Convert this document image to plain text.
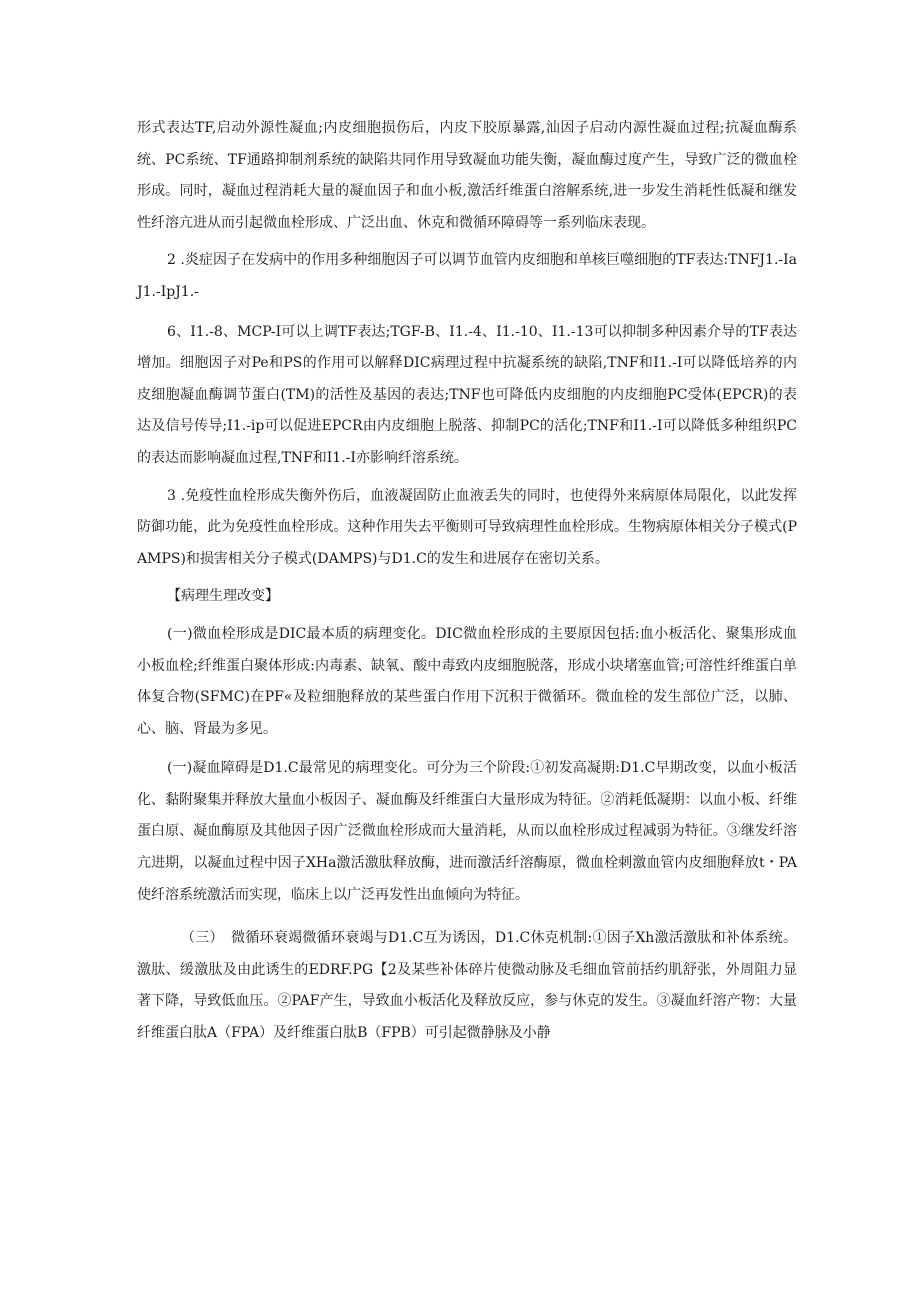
形式表达TF,启动外源性凝血;内皮细胞损伤后，内皮下胶原暴露,汕因子启动内源性凝血过程;抗凝血酶系统、PC系统、TF通路抑制剂系统的缺陷共同作用导致凝血功能失衡，凝血酶过度产生，导致广泛的微血栓形成。同时，凝血过程消耗大量的凝血因子和血小板,激活纤维蛋白溶解系统,进一步发生消耗性低凝和继发性纤溶亢进从而引起微血栓形成、广泛出血、休克和微循环障碍等一系列临床表现。

2 .炎症因子在发病中的作用多种细胞因子可以调节血管内皮细胞和单核巨噬细胞的TF表达:TNFJ1.-IaJ1.-IpJ1.-

6、I1.-8、MCP-I可以上调TF表达;TGF-B、I1.-4、I1.-10、I1.-13可以抑制多种因素介导的TF表达增加。细胞因子对Pe和PS的作用可以解释DIC病理过程中抗凝系统的缺陷,TNF和I1.-I可以降低培养的内皮细胞凝血酶调节蛋白(TM)的活性及基因的表达;TNF也可降低内皮细胞的内皮细胞PC受体(EPCR)的表达及信号传导;I1.-ip可以促进EPCR由内皮细胞上脱落、抑制PC的活化;TNF和I1.-I可以降低多种组织PC的表达而影响凝血过程,TNF和I1.-I亦影响纤溶系统。

3 .免疫性血栓形成失衡外伤后，血液凝固防止血液丢失的同时，也使得外来病原体局限化，以此发挥防御功能，此为免疫性血栓形成。这种作用失去平衡则可导致病理性血栓形成。生物病原体相关分子模式(PAMPS)和损害相关分子模式(DAMPS)与D1.C的发生和进展存在密切关系。

【病理生理改变】

(一)微血栓形成是DIC最本质的病理变化。DIC微血栓形成的主要原因包括:血小板活化、聚集形成血小板血栓;纤维蛋白聚体形成:内毒素、缺氧、酸中毒致内皮细胞脱落，形成小块堵塞血管;可溶性纤维蛋白单体复合物(SFMC)在PF«及粒细胞释放的某些蛋白作用下沉积于微循环。微血栓的发生部位广泛，以肺、心、脑、肾最为多见。

(一)凝血障碍是D1.C最常见的病理变化。可分为三个阶段:①初发高凝期:D1.C早期改变，以血小板活化、黏附聚集并释放大量血小板因子、凝血酶及纤维蛋白大量形成为特征。②消耗低凝期：以血小板、纤维蛋白原、凝血酶原及其他因子因广泛微血栓形成而大量消耗，从而以血栓形成过程减弱为特征。③继发纤溶亢进期，以凝血过程中因子XHa激活激肽释放酶，进而激活纤溶酶原，微血栓刺激血管内皮细胞释放t・PA使纤溶系统激活而实现，临床上以广泛再发性出血倾向为特征。

（三）　微循环衰竭微循环衰竭与D1.C互为诱因，D1.C休克机制:①因子Xh激活激肽和补体系统。激肽、缓激肽及由此诱生的EDRF.PG【2及某些补体碎片使微动脉及毛细血管前括约肌舒张，外周阻力显著下降，导致低血压。②PAF产生，导致血小板活化及释放反应，参与休克的发生。③凝血纤溶产物：大量纤维蛋白肽A（FPA）及纤维蛋白肽B（FPB）可引起微静脉及小静
